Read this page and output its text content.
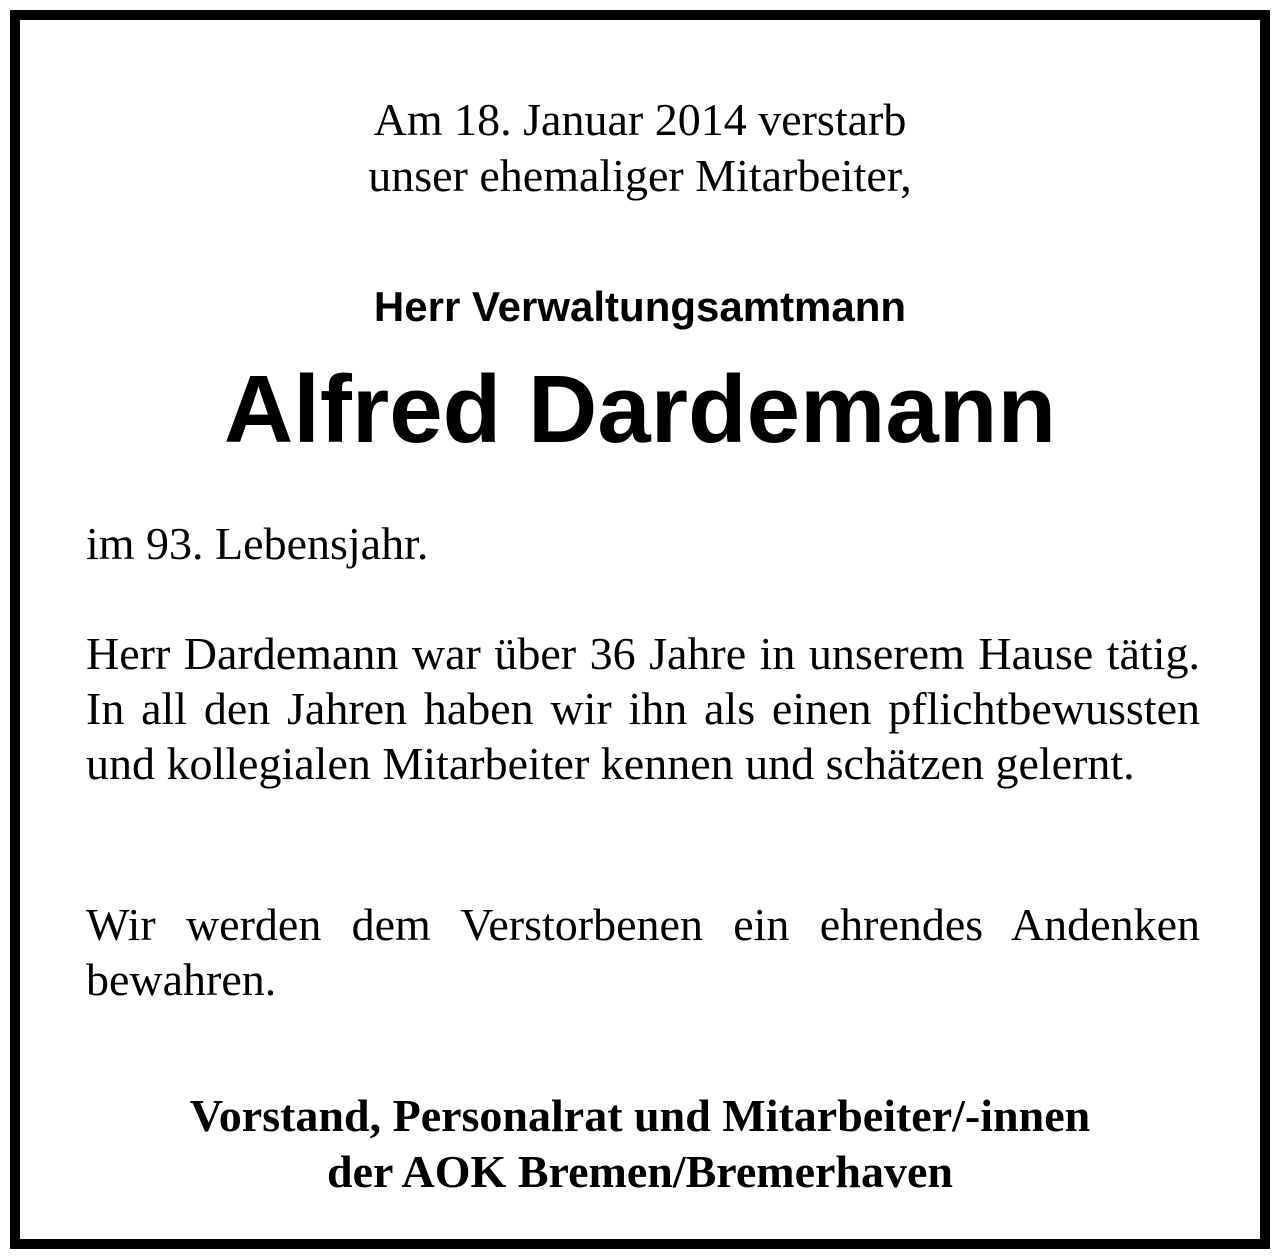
Am 18. Januar 2014 verstarb
unser ehemaliger Mitarbeiter,
Herr Verwaltungsamtmann
Alfred Dardemann
im 93. Lebensjahr.
Herr Dardemann war über 36 Jahre in unserem Hause tätig. In all den Jahren haben wir ihn als einen pflichtbewussten und kollegialen Mitarbeiter kennen und schätzen gelernt.
Wir werden dem Verstorbenen ein ehrendes Andenken bewahren.
Vorstand, Personalrat und Mitarbeiter/-innen
der AOK Bremen/Bremerhaven
